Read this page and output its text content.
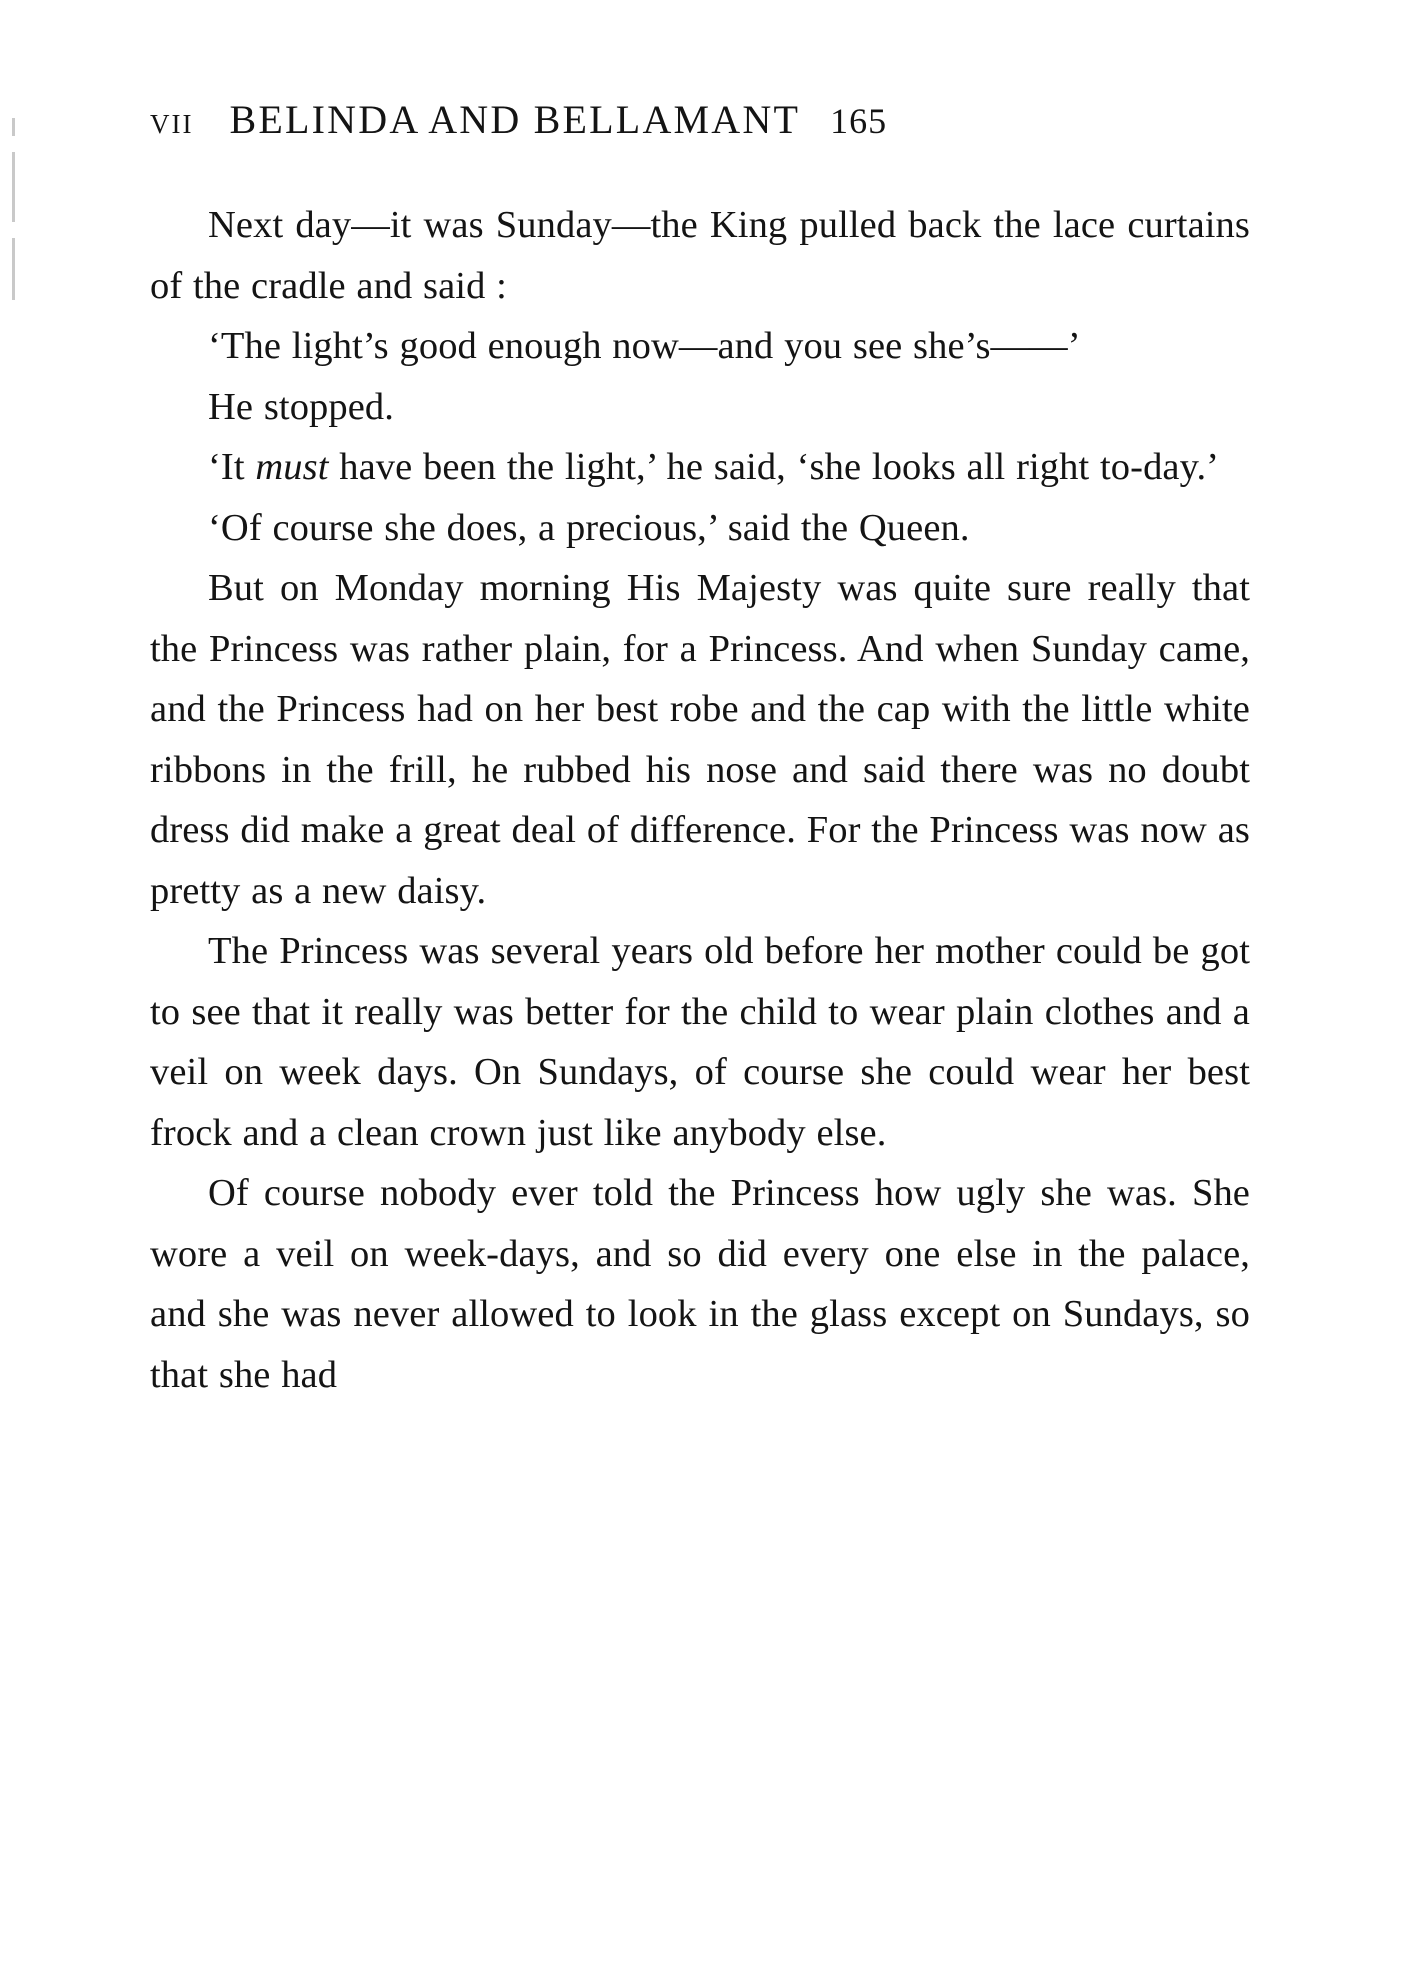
VII BELINDA AND BELLAMANT 165

Next day—it was Sunday—the King pulled back the lace curtains of the cradle and said :

‘The light’s good enough now—and you see she’s——’

He stopped.

‘It must have been the light,’ he said, ‘she looks all right to-day.’

‘Of course she does, a precious,’ said the Queen.

But on Monday morning His Majesty was quite sure really that the Princess was rather plain, for a Princess. And when Sunday came, and the Princess had on her best robe and the cap with the little white ribbons in the frill, he rubbed his nose and said there was no doubt dress did make a great deal of difference. For the Princess was now as pretty as a new daisy.

The Princess was several years old before her mother could be got to see that it really was better for the child to wear plain clothes and a veil on week days. On Sundays, of course she could wear her best frock and a clean crown just like anybody else.

Of course nobody ever told the Princess how ugly she was. She wore a veil on week-days, and so did every one else in the palace, and she was never allowed to look in the glass except on Sundays, so that she had
